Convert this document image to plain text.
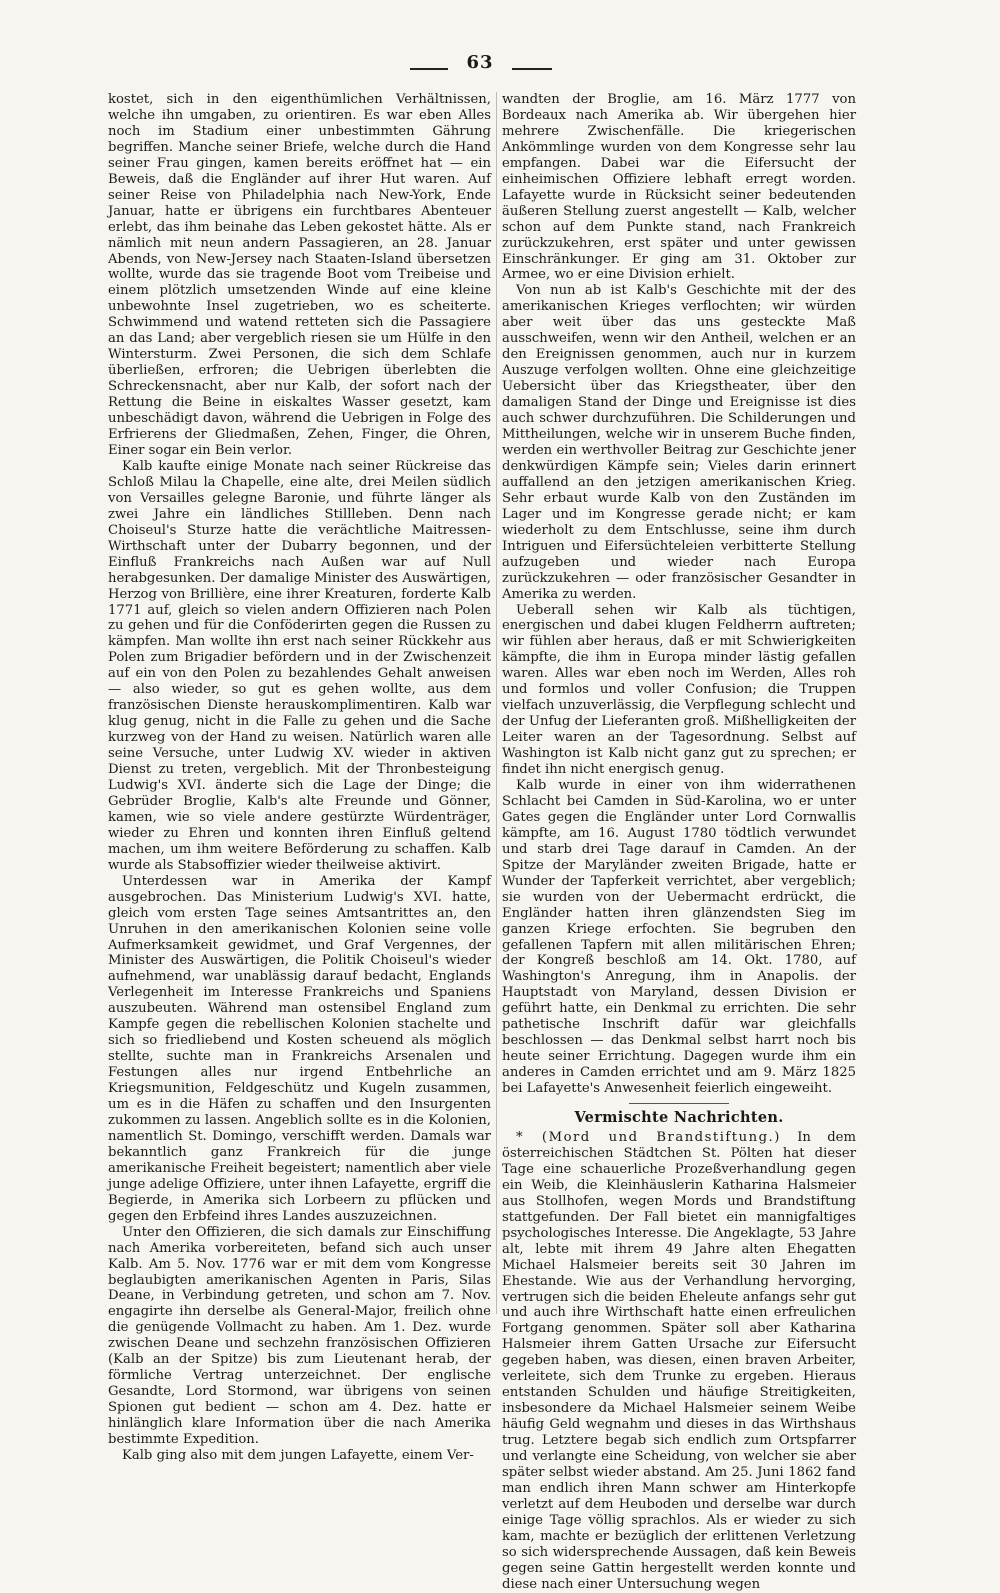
63

kostet, sich in den eigenthümlichen Verhältnissen, welche ihn umgaben, zu orientiren. Es war eben Alles noch im Stadium einer unbestimmten Gährung begriffen. Manche seiner Briefe, welche durch die Hand seiner Frau gingen, kamen bereits eröffnet hat — ein Beweis, daß die Engländer auf ihrer Hut waren. Auf seiner Reise von Philadelphia nach New-York, Ende Januar, hatte er übrigens ein furchtbares Abenteuer erlebt, das ihm beinahe das Leben gekostet hätte. Als er nämlich mit neun andern Passagieren, an 28. Januar Abends, von New-Jersey nach Staaten-Island übersetzen wollte, wurde das sie tragende Boot vom Treibeise und einem plötzlich umsetzenden Winde auf eine kleine unbewohnte Insel zugetrieben, wo es scheiterte. Schwimmend und watend retteten sich die Passagiere an das Land; aber vergeblich riesen sie um Hülfe in den Wintersturm. Zwei Personen, die sich dem Schlafe überließen, erfroren; die Uebrigen überlebten die Schreckensnacht, aber nur Kalb, der sofort nach der Rettung die Beine in eiskaltes Wasser gesetzt, kam unbeschädigt davon, während die Uebrigen in Folge des Erfrierens der Gliedmaßen, Zehen, Finger, die Ohren, Einer sogar ein Bein verlor.

Kalb kaufte einige Monate nach seiner Rückreise das Schloß Milau la Chapelle, eine alte, drei Meilen südlich von Versailles gelegne Baronie, und führte länger als zwei Jahre ein ländliches Stillleben. Denn nach Choiseul's Sturze hatte die verächtliche Maitressen-Wirthschaft unter der Dubarry begonnen, und der Einfluß Frankreichs nach Außen war auf Null herabgesunken. Der damalige Minister des Auswärtigen, Herzog von Brillière, eine ihrer Kreaturen, forderte Kalb 1771 auf, gleich so vielen andern Offizieren nach Polen zu gehen und für die Conföderirten gegen die Russen zu kämpfen. Man wollte ihn erst nach seiner Rückkehr aus Polen zum Brigadier befördern und in der Zwischenzeit auf ein von den Polen zu bezahlendes Gehalt anweisen — also wieder, so gut es gehen wollte, aus dem französischen Dienste herauskomplimentiren. Kalb war klug genug, nicht in die Falle zu gehen und die Sache kurzweg von der Hand zu weisen. Natürlich waren alle seine Versuche, unter Ludwig XV. wieder in aktiven Dienst zu treten, vergeblich. Mit der Thronbesteigung Ludwig's XVI. änderte sich die Lage der Dinge; die Gebrüder Broglie, Kalb's alte Freunde und Gönner, kamen, wie so viele andere gestürzte Würdenträger, wieder zu Ehren und konnten ihren Einfluß geltend machen, um ihm weitere Beförderung zu schaffen. Kalb wurde als Stabsoffizier wieder theilweise aktivirt.

Unterdessen war in Amerika der Kampf ausgebrochen. Das Ministerium Ludwig's XVI. hatte, gleich vom ersten Tage seines Amtsantrittes an, den Unruhen in den amerikanischen Kolonien seine volle Aufmerksamkeit gewidmet, und Graf Vergennes, der Minister des Auswärtigen, die Politik Choiseul's wieder aufnehmend, war unablässig darauf bedacht, Englands Verlegenheit im Interesse Frankreichs und Spaniens auszubeuten. Während man ostensibel England zum Kampfe gegen die rebellischen Kolonien stachelte und sich so friedliebend und Kosten scheuend als möglich stellte, suchte man in Frankreichs Arsenalen und Festungen alles nur irgend Entbehrliche an Kriegsmunition, Feldgeschütz und Kugeln zusammen, um es in die Häfen zu schaffen und den Insurgenten zukommen zu lassen. Angeblich sollte es in die Kolonien, namentlich St. Domingo, verschifft werden. Damals war bekanntlich ganz Frankreich für die junge amerikanische Freiheit begeistert; namentlich aber viele junge adelige Offiziere, unter ihnen Lafayette, ergriff die Begierde, in Amerika sich Lorbeern zu pflücken und gegen den Erbfeind ihres Landes auszuzeichnen.

Unter den Offizieren, die sich damals zur Einschiffung nach Amerika vorbereiteten, befand sich auch unser Kalb. Am 5. Nov. 1776 war er mit dem vom Kongresse beglaubigten amerikanischen Agenten in Paris, Silas Deane, in Verbindung getreten, und schon am 7. Nov. engagirte ihn derselbe als General-Major, freilich ohne die genügende Vollmacht zu haben. Am 1. Dez. wurde zwischen Deane und sechzehn französischen Offizieren (Kalb an der Spitze) bis zum Lieutenant herab, der förmliche Vertrag unterzeichnet. Der englische Gesandte, Lord Stormond, war übrigens von seinen Spionen gut bedient — schon am 4. Dez. hatte er hinlänglich klare Information über die nach Amerika bestimmte Expedition.

Kalb ging also mit dem jungen Lafayette, einem Ver-

wandten der Broglie, am 16. März 1777 von Bordeaux nach Amerika ab. Wir übergehen hier mehrere Zwischenfälle. Die kriegerischen Ankömmlinge wurden von dem Kongresse sehr lau empfangen. Dabei war die Eifersucht der einheimischen Offiziere lebhaft erregt worden. Lafayette wurde in Rücksicht seiner bedeutenden äußeren Stellung zuerst angestellt — Kalb, welcher schon auf dem Punkte stand, nach Frankreich zurückzukehren, erst später und unter gewissen Einschränkunger. Er ging am 31. Oktober zur Armee, wo er eine Division erhielt.

Von nun ab ist Kalb's Geschichte mit der des amerikanischen Krieges verflochten; wir würden aber weit über das uns gesteckte Maß ausschweifen, wenn wir den Antheil, welchen er an den Ereignissen genommen, auch nur in kurzem Auszuge verfolgen wollten. Ohne eine gleichzeitige Uebersicht über das Kriegstheater, über den damaligen Stand der Dinge und Ereignisse ist dies auch schwer durchzuführen. Die Schilderungen und Mittheilungen, welche wir in unserem Buche finden, werden ein werthvoller Beitrag zur Geschichte jener denkwürdigen Kämpfe sein; Vieles darin erinnert auffallend an den jetzigen amerikanischen Krieg. Sehr erbaut wurde Kalb von den Zuständen im Lager und im Kongresse gerade nicht; er kam wiederholt zu dem Entschlusse, seine ihm durch Intriguen und Eifersüchteleien verbitterte Stellung aufzugeben und wieder nach Europa zurückzukehren — oder französischer Gesandter in Amerika zu werden.

Ueberall sehen wir Kalb als tüchtigen, energischen und dabei klugen Feldherrn auftreten; wir fühlen aber heraus, daß er mit Schwierigkeiten kämpfte, die ihm in Europa minder lästig gefallen waren. Alles war eben noch im Werden, Alles roh und formlos und voller Confusion; die Truppen vielfach unzuverlässig, die Verpflegung schlecht und der Unfug der Lieferanten groß. Mißhelligkeiten der Leiter waren an der Tagesordnung. Selbst auf Washington ist Kalb nicht ganz gut zu sprechen; er findet ihn nicht energisch genug.

Kalb wurde in einer von ihm widerrathenen Schlacht bei Camden in Süd-Karolina, wo er unter Gates gegen die Engländer unter Lord Cornwallis kämpfte, am 16. August 1780 tödtlich verwundet und starb drei Tage darauf in Camden. An der Spitze der Maryländer zweiten Brigade, hatte er Wunder der Tapferkeit verrichtet, aber vergeblich; sie wurden von der Uebermacht erdrückt, die Engländer hatten ihren glänzendsten Sieg im ganzen Kriege erfochten. Sie begruben den gefallenen Tapfern mit allen militärischen Ehren; der Kongreß beschloß am 14. Okt. 1780, auf Washington's Anregung, ihm in Anapolis. der Hauptstadt von Maryland, dessen Division er geführt hatte, ein Denkmal zu errichten. Die sehr pathetische Inschrift dafür war gleichfalls beschlossen — das Denkmal selbst harrt noch bis heute seiner Errichtung. Dagegen wurde ihm ein anderes in Camden errichtet und am 9. März 1825 bei Lafayette's Anwesenheit feierlich eingeweiht.

Vermischte Nachrichten.

* (Mord und Brandstiftung.) In dem österreichischen Städtchen St. Pölten hat dieser Tage eine schauerliche Prozeßverhandlung gegen ein Weib, die Kleinhäuslerin Katharina Halsmeier aus Stollhofen, wegen Mords und Brandstiftung stattgefunden. Der Fall bietet ein mannigfaltiges psychologisches Interesse. Die Angeklagte, 53 Jahre alt, lebte mit ihrem 49 Jahre alten Ehegatten Michael Halsmeier bereits seit 30 Jahren im Ehestande. Wie aus der Verhandlung hervorging, vertrugen sich die beiden Eheleute anfangs sehr gut und auch ihre Wirthschaft hatte einen erfreulichen Fortgang genommen. Später soll aber Katharina Halsmeier ihrem Gatten Ursache zur Eifersucht gegeben haben, was diesen, einen braven Arbeiter, verleitete, sich dem Trunke zu ergeben. Hieraus entstanden Schulden und häufige Streitigkeiten, insbesondere da Michael Halsmeier seinem Weibe häufig Geld wegnahm und dieses in das Wirthshaus trug. Letztere begab sich endlich zum Ortspfarrer und verlangte eine Scheidung, von welcher sie aber später selbst wieder abstand. Am 25. Juni 1862 fand man endlich ihren Mann schwer am Hinterkopfe verletzt auf dem Heuboden und derselbe war durch einige Tage völlig sprachlos. Als er wieder zu sich kam, machte er bezüglich der erlittenen Verletzung so sich widersprechende Aussagen, daß kein Beweis gegen seine Gattin hergestellt werden konnte und diese nach einer Untersuchung wegen
